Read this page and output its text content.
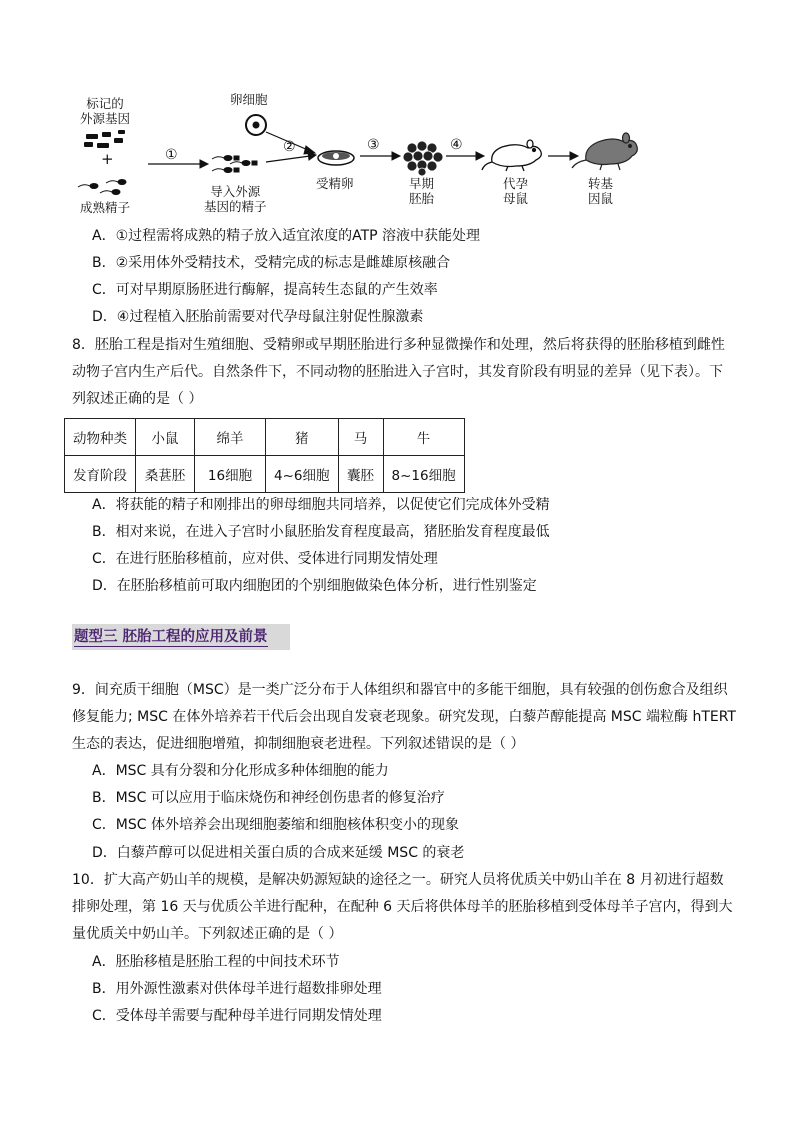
标记的
外源基因
+
成熟精子
卵细胞
①	②	③	④
导入外源
基因的精子
受精卵	早期
胚胎
代孕
母鼠
转基
因鼠
A．①过程需将成熟的精子放入适宜浓度的ATP 溶液中获能处理
B．②采用体外受精技术，受精完成的标志是雌雄原核融合
C．可对早期原肠胚进行酶解，提高转生态鼠的产生效率
D．④过程植入胚胎前需要对代孕母鼠注射促性腺激素
8．胚胎工程是指对生殖细胞、受精卵或早期胚胎进行多种显微操作和处理，然后将获得的胚胎移植到雌性
动物子宫内生产后代。自然条件下，不同动物的胚胎进入子宫时，其发育阶段有明显的差异（见下表）。下
列叙述正确的是（ ）
动物种类	小鼠	绵羊	猪	马	牛
发育阶段	桑葚胚	16细胞	4~6细胞	囊胚	8~16细胞
A．将获能的精子和刚排出的卵母细胞共同培养，以促使它们完成体外受精
B．相对来说，在进入子宫时小鼠胚胎发育程度最高，猪胚胎发育程度最低
C．在进行胚胎移植前，应对供、受体进行同期发情处理
D．在胚胎移植前可取内细胞团的个别细胞做染色体分析，进行性别鉴定
题型三 胚胎工程的应用及前景
9．间充质干细胞（MSC）是一类广泛分布于人体组织和器官中的多能干细胞，具有较强的创伤愈合及组织
修复能力; MSC 在体外培养若干代后会出现自发衰老现象。研究发现，白藜芦醇能提高 MSC 端粒酶 hTERT
生态的表达，促进细胞增殖，抑制细胞衰老进程。下列叙述错误的是（ ）
A．MSC 具有分裂和分化形成多种体细胞的能力
B．MSC 可以应用于临床烧伤和神经创伤患者的修复治疗
C．MSC 体外培养会出现细胞萎缩和细胞核体积变小的现象
D．白藜芦醇可以促进相关蛋白质的合成来延缓 MSC 的衰老
10．扩大高产奶山羊的规模，是解决奶源短缺的途径之一。研究人员将优质关中奶山羊在 8 月初进行超数
排卵处理，第 16 天与优质公羊进行配种，在配种 6 天后将供体母羊的胚胎移植到受体母羊子宫内，得到大
量优质关中奶山羊。下列叙述正确的是（ ）
A．胚胎移植是胚胎工程的中间技术环节
B．用外源性激素对供体母羊进行超数排卵处理
C．受体母羊需要与配种母羊进行同期发情处理
